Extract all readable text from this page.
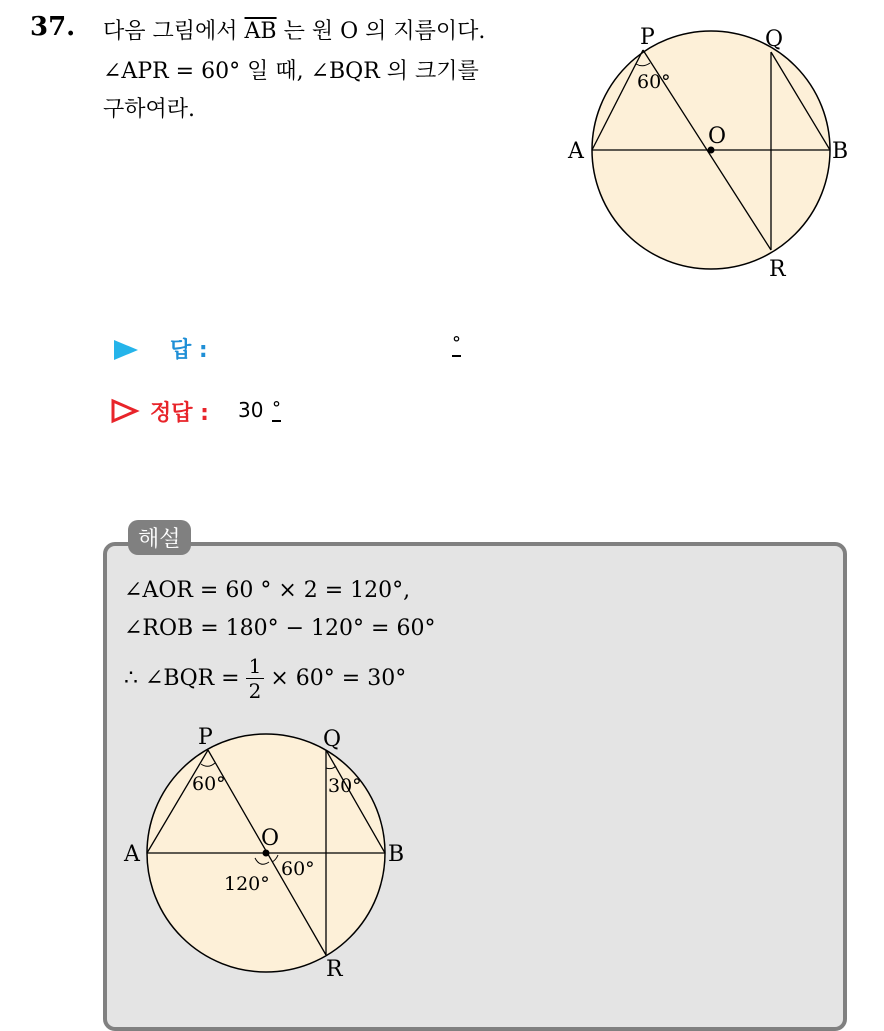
37. 다음 그림에서 $\overline{AB}$ 는 원 O 의 지름이다.
∠APR = 60° 일 때, ∠BQR 의 크기를
구하여라.
P	Q
A	B
O
R
60°
답 :	°
정답 : 30 °
해설
∠AOR = 60 ° × 2 = 120°,
∠ROB = 180° − 120° = 60°
∴ ∠BQR = $\frac{1}{2} \times 60^\circ = 30^\circ$
P	Q
A	B
O
R
60°	30°
120°
60°
